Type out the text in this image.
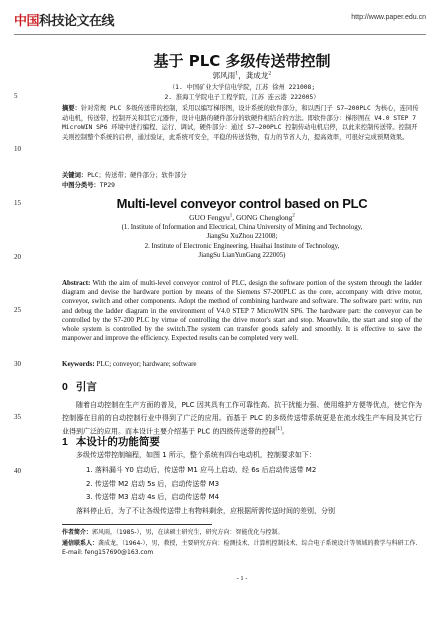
中国 科技论文在线	http://www.paper.edu.cn
5
10
15
20
25
30
35
40
基于 PLC 多级传送带控制
郭风雨$^1$，龚成龙$^2$
（1. 中国矿业大学信电学院，江苏 徐州 221008;
2. 淮海工学院电子工程学院，江苏 连云港 222005）
摘要：针对常规 PLC 多级传送带的控制，采用以编写梯形图，设计系统的软件部分，和以西门子 S7—200PLC 为核心，连同传动电机，传送带，控制开关和其它元器件，设计电路的硬件部分的软硬件相结合的方法。即软件部分：梯形图在 V4.0 STEP 7 MicroWIN SP6 环境中进行编程、运行、调试，硬件部分：通过 S7—200PLC 控制传动电机启停，以此来控制传送带。控制开关则控制整个系统的启停，通过验证，此系统可安全，平稳的传送货物，有力的节省人力，提高效率，可很好完成预期效果。
关键词：PLC；传送带；硬件部分；软件部分
中图分类号：TP29
Multi-level conveyor control based on PLC
GUO Fengyu$^1$, GONG Chenglong$^2$
(1. Institute of Information and Electrical, China University of Mining and Technology,
JiangSu XuZhou 221008;
2. Institute of Electronic Engineering, Huaihai Institute of Technology,
JiangSu LianYunGang 222005)
Abstract: With the aim of multi-level conveyor control of PLC, design the software portion of the system through the ladder diagram and devise the hardware portion by means of the Siemens S7-200PLC as the core, accompany with drive motor, conveyor, switch and other components. Adopt the method of combining hardware and software. The software part: write, run and debug the ladder diagram in the environment of V4.0 STEP 7 MicroWIN SP6. The hardware part: the conveyor can be controlled by the S7-200 PLC by virtue of controlling the drive motor's start and stop. Meanwhile, the start and stop of the whole system is controlled by the switch.The system can transfer goods safely and smoothly. It is effective to save the manpower and improve the efficiency. Expected results can be completed very well.
Keywords: PLC; conveyor; hardware; software
0 引言
随着自动控制在生产方面的普及，PLC 因其具有工作可靠性高、抗干扰能力强、使用维护方便等优点，使它作为控制器在目前的自动控制行业中得到了广泛的应用。而基于 PLC 的多级传送带系统更是在流水线生产车间及其它行业得到广泛的应用。而本设计主要介绍基于 PLC 的四级传送带的控制[1]。
1 本设计的功能简要
多级传送带控制编程，如图 1 所示，整个系统有四台电动机，控制要求如下：
1. 落料漏斗 Y0 启动后，传送带 M1 应马上启动，经 6s 后启动传送带 M2
2. 传送带 M2 启动 5s 后，启动传送带 M3
3. 传送带 M3 启动 4s 后，启动传送带 M4
落料停止后，为了不让各级传送带上有物料剩余，应根据所需传送时间的差别，分别
作者简介：郭风雨，（1985-），男，在读硕士研究生，研究方向：智能优化与控制。
通信联系人：龚成龙，（1964-），男，教授，主要研究方向：检测技术、计算机控制技术、综合电子系统设计等领域的教学与科研工作. E-mail: feng157690@163.com
- 1 -
